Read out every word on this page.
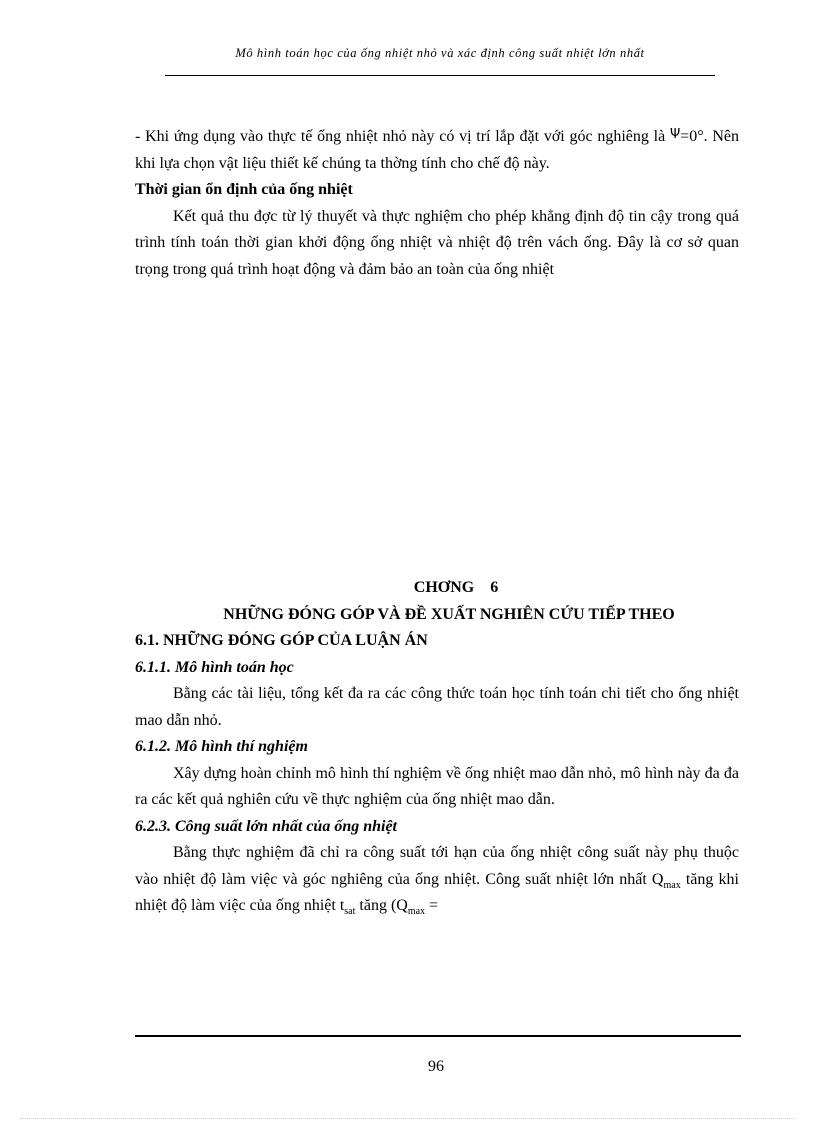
Mô hình toán học của ống nhiệt nhỏ và xác định công suất nhiệt lớn nhất

- Khi ứng dụng vào thực tế ống nhiệt nhỏ này có vị trí lắp đặt với góc nghiêng là Ψ=0°. Nên khi lựa chọn vật liệu thiết kế chúng ta thờng tính cho chế độ này.

Thời gian ổn định của ống nhiệt

Kết quả thu đợc từ lý thuyết và thực nghiệm cho phép khẳng định độ tin cậy trong quá trình tính toán thời gian khởi động ống nhiệt và nhiệt độ trên vách ống. Đây là cơ sở quan trọng trong quá trình hoạt động và đảm bảo an toàn của ống nhiệt

CHƠNG    6

NHỮNG ĐÓNG GÓP VÀ ĐỀ XUẤT NGHIÊN CỨU TIẾP THEO

6.1. NHỮNG ĐÓNG GÓP CỦA LUẬN ÁN

6.1.1. Mô hình toán học

Bằng các tài liệu, tổng kết đa ra các công thức toán học tính toán chi tiết cho ống nhiệt mao dẫn nhỏ.

6.1.2. Mô hình thí nghiệm

Xây dựng hoàn chỉnh mô hình thí nghiệm về ống nhiệt mao dẫn nhỏ, mô hình này đa đa ra các kết quả nghiên cứu về thực nghiệm của ống nhiệt mao dẫn.

6.2.3. Công suất lớn nhất của ống nhiệt

Bằng thực nghiệm đã chỉ ra công suất tới hạn của ống nhiệt công suất này phụ thuộc vào nhiệt độ làm việc và góc nghiêng của ống nhiệt. Công suất nhiệt lớn nhất $Q_{max}$ tăng khi nhiệt độ làm việc của ống nhiệt $t_{sat}$ tăng ($Q_{max}$ =

96
